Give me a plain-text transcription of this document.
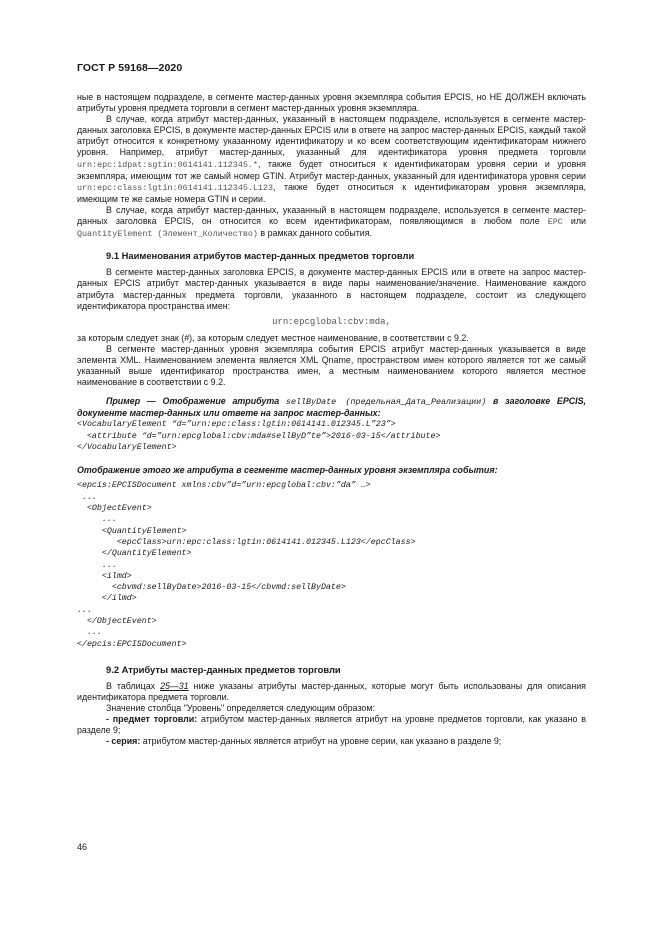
ГОСТ Р 59168—2020

ные в настоящем подразделе, в сегменте мастер-данных уровня экземпляра события EPCIS, но НЕ ДОЛЖЕН включать атрибуты уровня предмета торговли в сегмент мастер-данных уровня экземпляра.

В случае, когда атрибут мастер-данных, указанный в настоящем подразделе, используется в сегменте мастер-данных заголовка EPCIS, в документе мастер-данных EPCIS или в ответе на запрос мастер-данных EPCIS, каждый такой атрибут относится к конкретному указанному идентификатору и ко всем соответствующим идентификаторам нижнего уровня. Например, атрибут мастер-данных, указанный для идентификатора уровня предмета торговли urn:epc:idpat:sgtin:0614141.112345.*, также будет относиться к идентификаторам уровня серии и уровня экземпляра, имеющим тот же самый номер GTIN. Атрибут мастер-данных, указанный для идентификатора уровня серии urn:epc:class:lgtin:0614141.112345.L123, также будет относиться к идентификаторам уровня экземпляра, имеющим те же самые номера GTIN и серии.

В случае, когда атрибут мастер-данных, указанный в настоящем подразделе, используется в сегменте мастер-данных заголовка EPCIS, он относится ко всем идентификаторам, появляющимся в любом поле EPC или QuantityElement (Элемент_Количество) в рамках данного события.

9.1 Наименования атрибутов мастер-данных предметов торговли

В сегменте мастер-данных заголовка EPCIS, в документе мастер-данных EPCIS или в ответе на запрос мастер-данных EPCIS атрибут мастер-данных указывается в виде пары наименование/значение. Наименование каждого атрибута мастер-данных предмета торговли, указанного в настоящем подразделе, состоит из следующего идентификатора пространства имен:

urn:epcglobal:cbv:mda,

за которым следует знак (#), за которым следует местное наименование, в соответствии с 9.2.

В сегменте мастер-данных уровня экземпляра события EPCIS атрибут мастер-данных указывается в виде элемента XML. Наименованием элемента является XML Qname, пространством имен которого является тот же самый указанный выше идентификатор пространства имен, а местным наименованием которого является местное наименование в соответствии с 9.2.

Пример — Отображение атрибута sellByDate (предельная_Дата_Реализации) в заголовке EPCIS, документе мастер-данных или ответе на запрос мастер-данных:

<VocabularyElement “d=”urn:epc:class:lgtin:0614141.012345.L”23”>
<attribute “d=”urn:epcglobal:cbv:mda#sellByD”te”>2016-03-15</attribute>
</VocabularyElement>

Отображение этого же атрибута в сегменте мастер-данных уровня экземпляра события:

<epcis:EPCISDocument xmlns:cbv”d=”urn:epcglobal:cbv:”da” …>
...
<ObjectEvent>
...
<QuantityElement>
<epcClass>urn:epc:class:lgtin:0614141.012345.L123</epcClass>
</QuantityElement>
...
<ilmd>
<cbvmd:sellByDate>2016-03-15</cbvmd:sellByDate>
</ilmd>
...
</ObjectEvent>
...
</epcis:EPCISDocument>

9.2 Атрибуты мастер-данных предметов торговли

В таблицах 25—31 ниже указаны атрибуты мастер-данных, которые могут быть использованы для описания идентификатора предмета торговли.

Значение столбца "Уровень" определяется следующим образом:

- предмет торговли: атрибутом мастер-данных является атрибут на уровне предметов торговли, как указано в разделе 9;

- серия: атрибутом мастер-данных является атрибут на уровне серии, как указано в разделе 9;

46
